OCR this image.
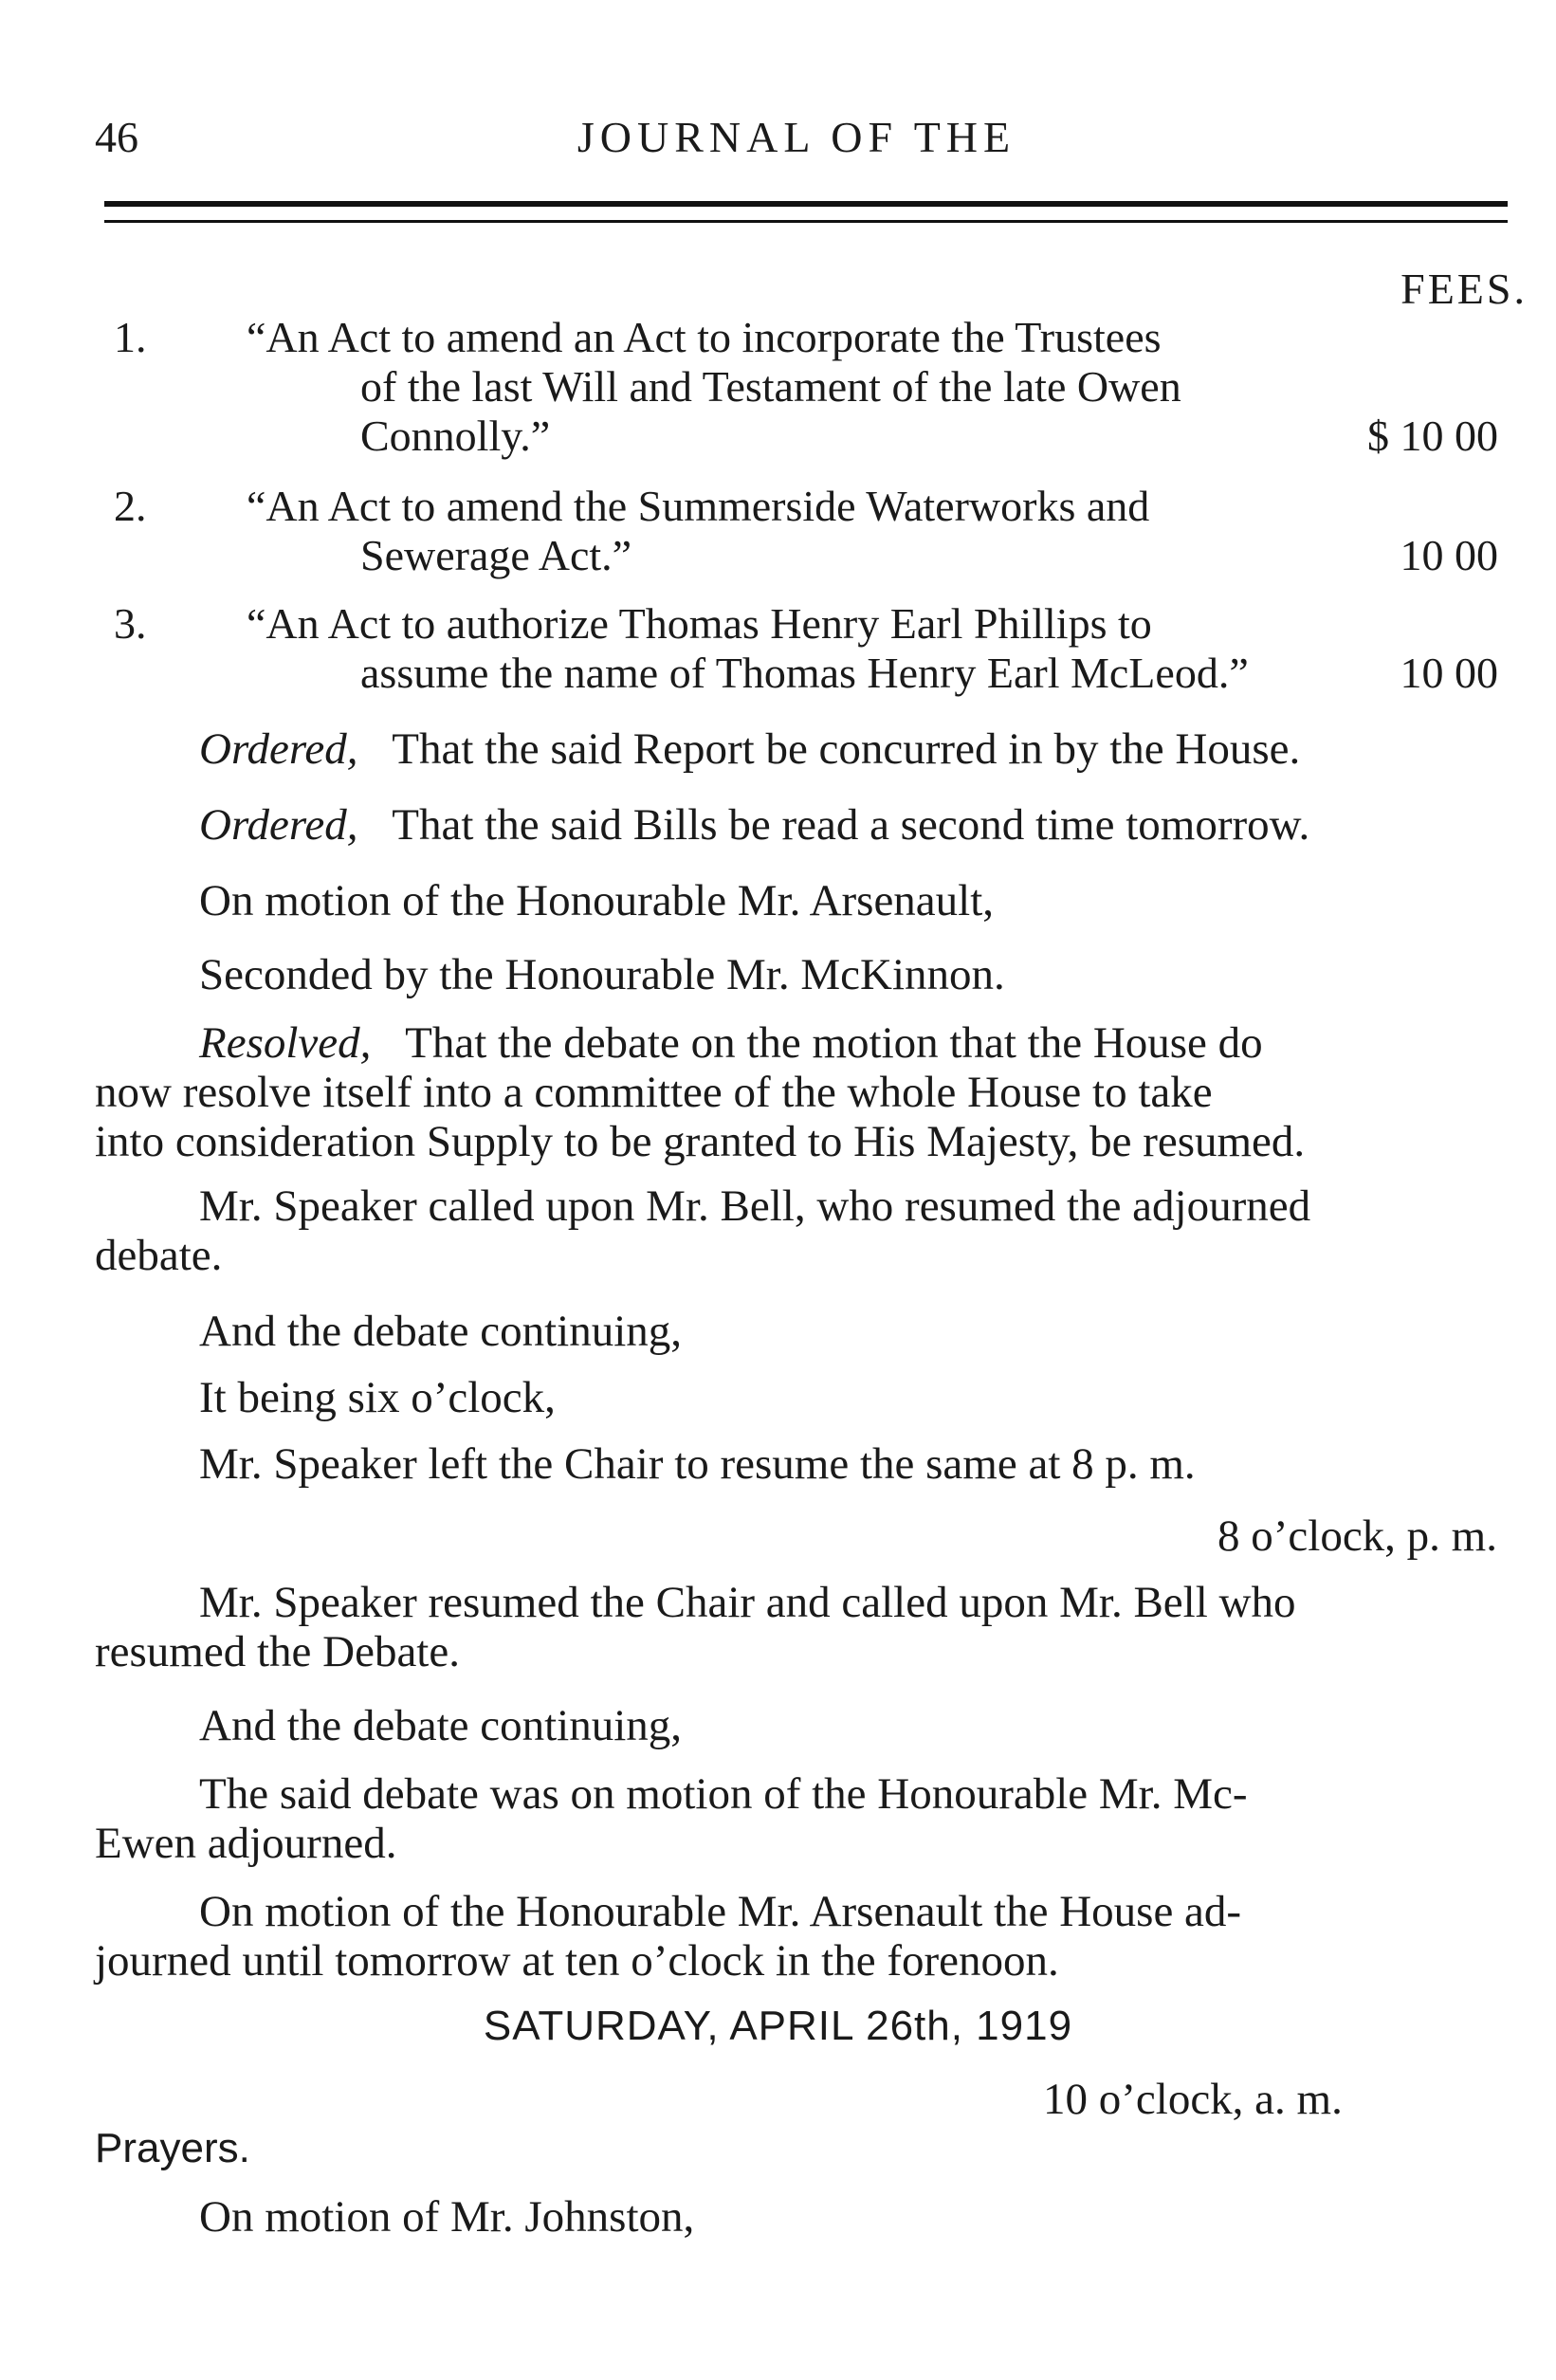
46	JOURNAL OF THE
FEES.
1. “An Act to amend an Act to incorporate the Trustees
of the last Will and Testament of the late Owen
Connolly.”	$ 10 00
2. “An Act to amend the Summerside Waterworks and
Sewerage Act.”	10 00
3. “An Act to authorize Thomas Henry Earl Phillips to
assume the name of Thomas Henry Earl McLeod.”	10 00
Ordered, That the said Report be concurred in by the House.
Ordered, That the said Bills be read a second time tomorrow.
On motion of the Honourable Mr. Arsenault,
Seconded by the Honourable Mr. McKinnon.
Resolved, That the debate on the motion that the House do
now resolve itself into a committee of the whole House to take
into consideration Supply to be granted to His Majesty, be resumed.
Mr. Speaker called upon Mr. Bell, who resumed the adjourned
debate.
And the debate continuing,
It being six o’clock,
Mr. Speaker left the Chair to resume the same at 8 p. m.
8 o’clock, p. m.
Mr. Speaker resumed the Chair and called upon Mr. Bell who
resumed the Debate.
And the debate continuing,
The said debate was on motion of the Honourable Mr. Mc-
Ewen adjourned.
On motion of the Honourable Mr. Arsenault the House ad-
journed until tomorrow at ten o’clock in the forenoon.
SATURDAY, APRIL 26th, 1919
10 o’clock, a. m.
Prayers.
On motion of Mr. Johnston,
